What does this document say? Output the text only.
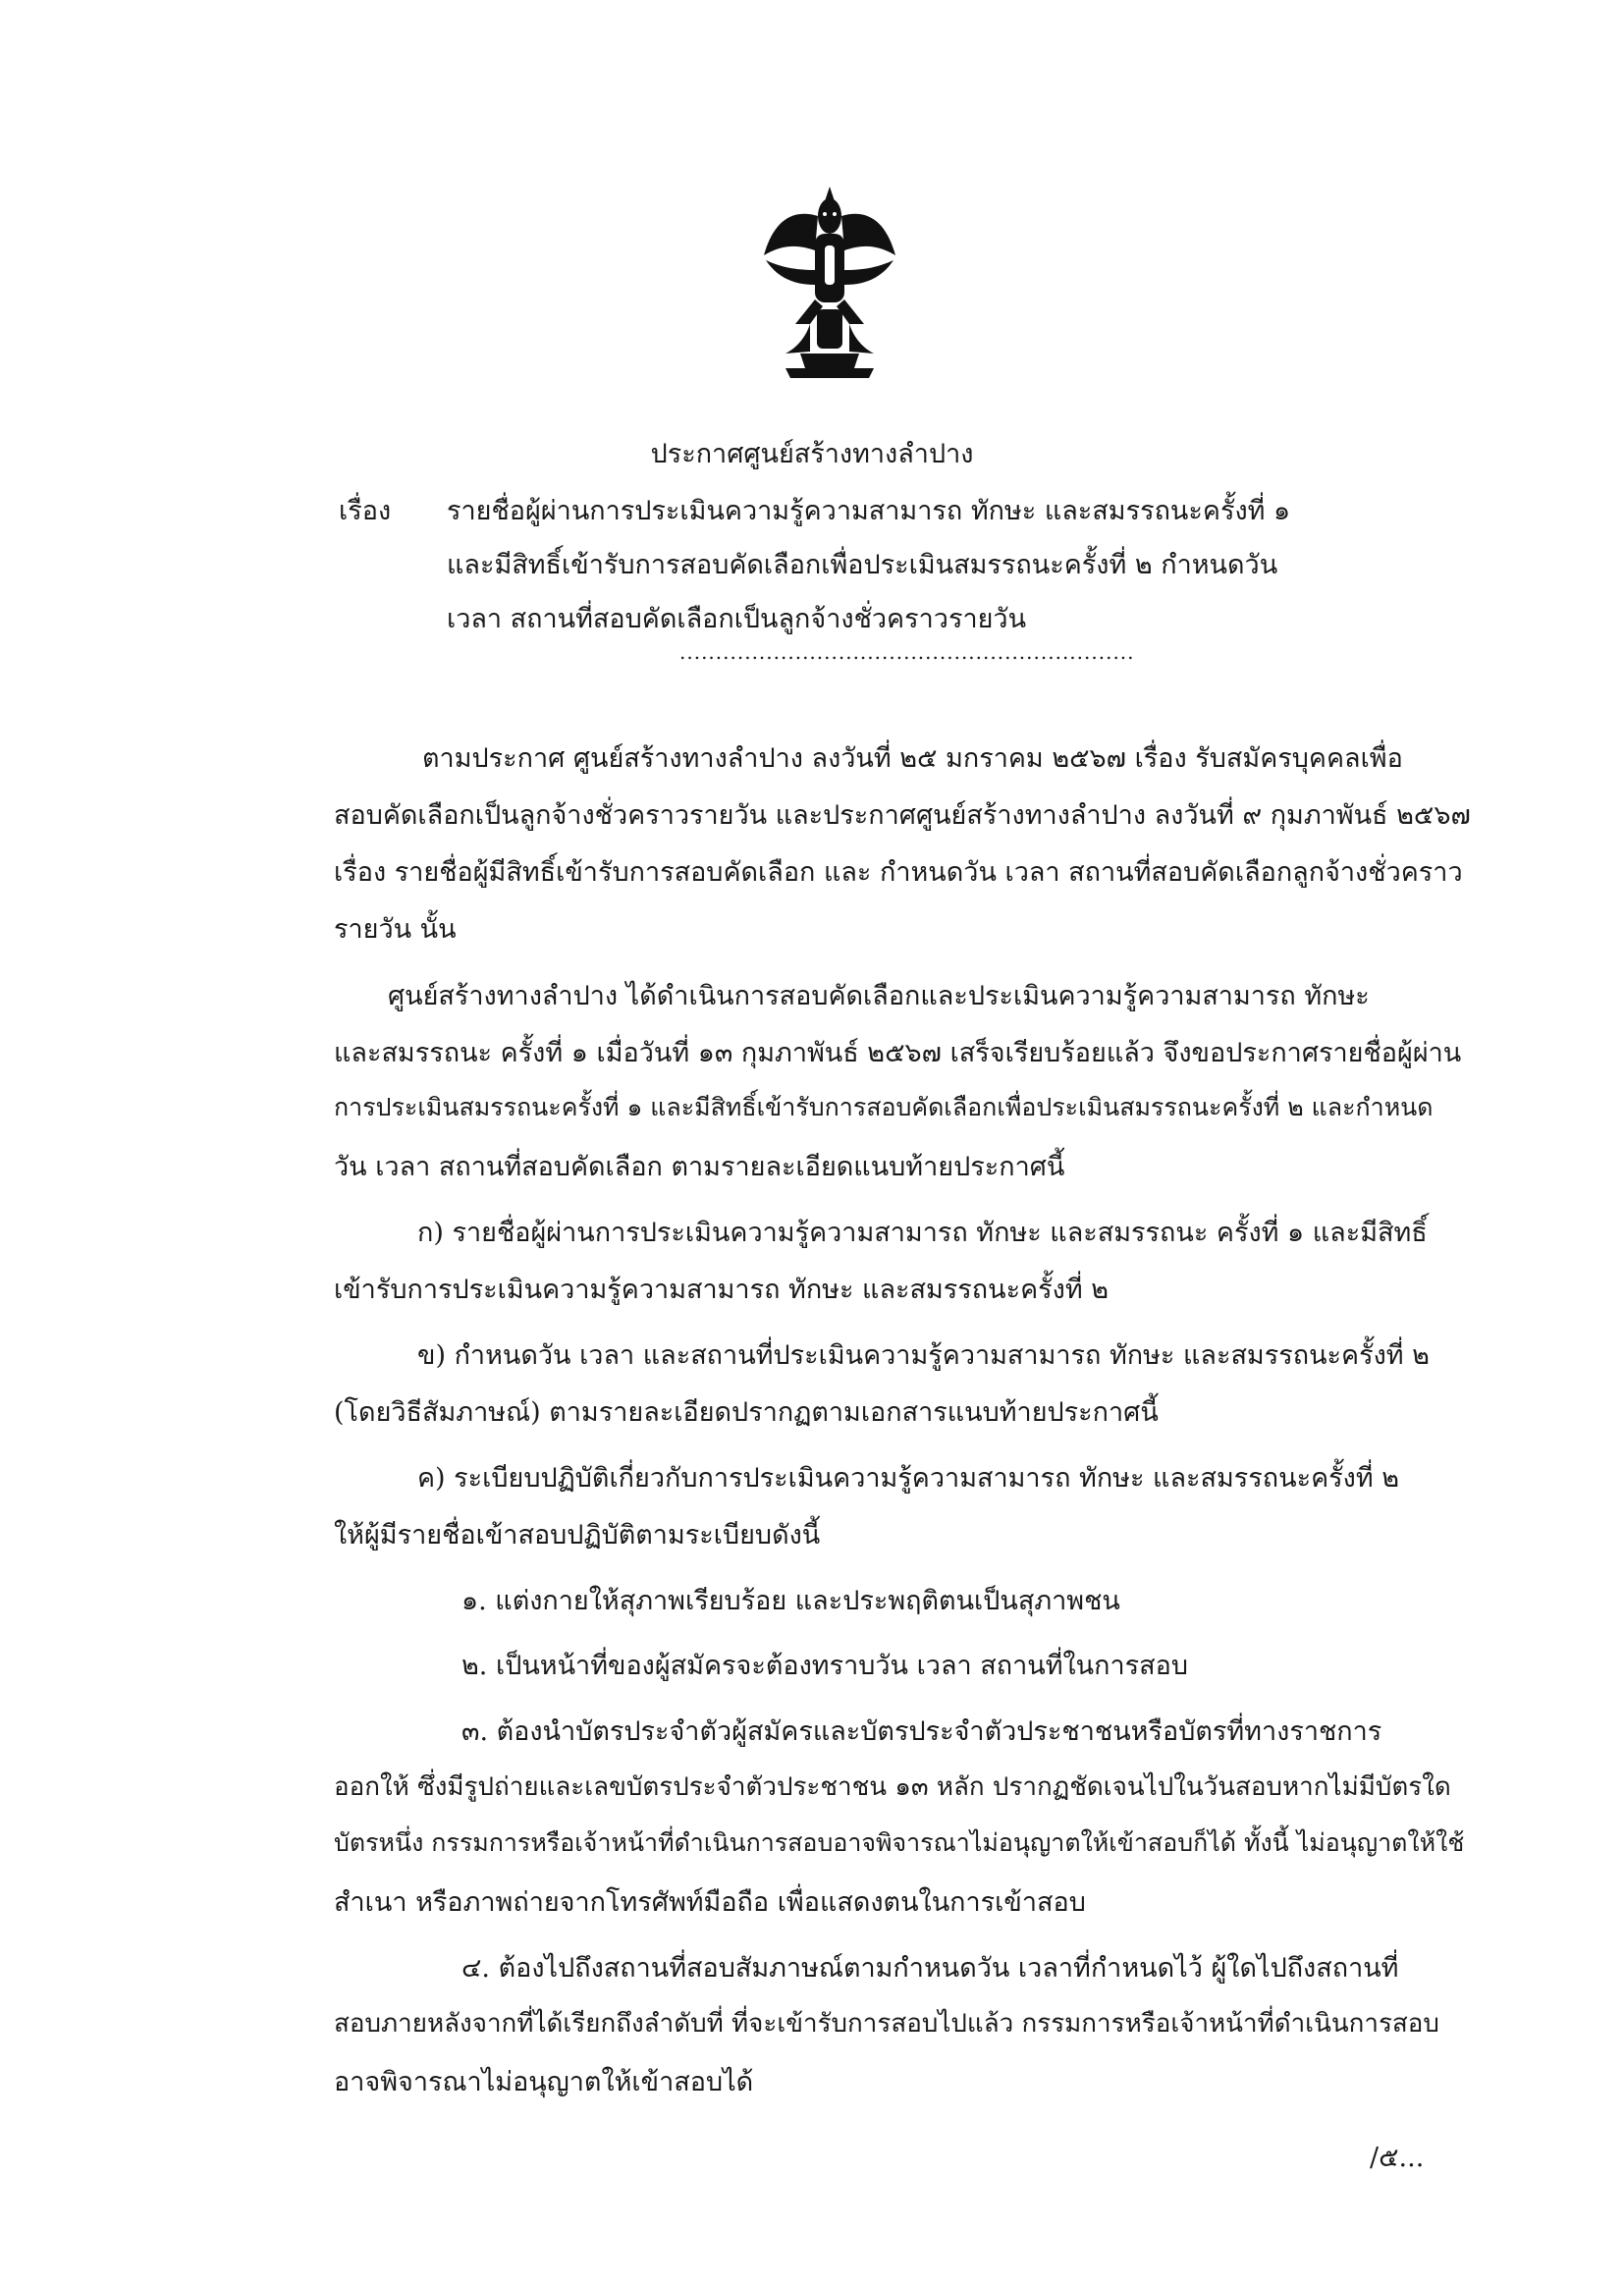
ประกาศศูนย์สร้างทางลำปาง
เรื่อง รายชื่อผู้ผ่านการประเมินความรู้ความสามารถ ทักษะ และสมรรถนะครั้งที่ ๑
และมีสิทธิ์เข้ารับการสอบคัดเลือกเพื่อประเมินสมรรถนะครั้งที่ ๒ กำหนดวัน
เวลา สถานที่สอบคัดเลือกเป็นลูกจ้างชั่วคราวรายวัน
...............................................................
ตามประกาศ ศูนย์สร้างทางลำปาง ลงวันที่ ๒๕ มกราคม ๒๕๖๗ เรื่อง รับสมัครบุคคลเพื่อ
สอบคัดเลือกเป็นลูกจ้างชั่วคราวรายวัน และประกาศศูนย์สร้างทางลำปาง ลงวันที่ ๙ กุมภาพันธ์ ๒๕๖๗
เรื่อง รายชื่อผู้มีสิทธิ์เข้ารับการสอบคัดเลือก และ กำหนดวัน เวลา สถานที่สอบคัดเลือกลูกจ้างชั่วคราว
รายวัน นั้น
ศูนย์สร้างทางลำปาง ได้ดำเนินการสอบคัดเลือกและประเมินความรู้ความสามารถ ทักษะ
และสมรรถนะ ครั้งที่ ๑ เมื่อวันที่ ๑๓ กุมภาพันธ์ ๒๕๖๗ เสร็จเรียบร้อยแล้ว จึงขอประกาศรายชื่อผู้ผ่าน
การประเมินสมรรถนะครั้งที่ ๑ และมีสิทธิ์เข้ารับการสอบคัดเลือกเพื่อประเมินสมรรถนะครั้งที่ ๒ และกำหนด
วัน เวลา สถานที่สอบคัดเลือก ตามรายละเอียดแนบท้ายประกาศนี้
ก) รายชื่อผู้ผ่านการประเมินความรู้ความสามารถ ทักษะ และสมรรถนะ ครั้งที่ ๑ และมีสิทธิ์
เข้ารับการประเมินความรู้ความสามารถ ทักษะ และสมรรถนะครั้งที่ ๒
ข) กำหนดวัน เวลา และสถานที่ประเมินความรู้ความสามารถ ทักษะ และสมรรถนะครั้งที่ ๒
(โดยวิธีสัมภาษณ์) ตามรายละเอียดปรากฏตามเอกสารแนบท้ายประกาศนี้
ค) ระเบียบปฏิบัติเกี่ยวกับการประเมินความรู้ความสามารถ ทักษะ และสมรรถนะครั้งที่ ๒
ให้ผู้มีรายชื่อเข้าสอบปฏิบัติตามระเบียบดังนี้
๑. แต่งกายให้สุภาพเรียบร้อย และประพฤติตนเป็นสุภาพชน
๒. เป็นหน้าที่ของผู้สมัครจะต้องทราบวัน เวลา สถานที่ในการสอบ
๓. ต้องนำบัตรประจำตัวผู้สมัครและบัตรประจำตัวประชาชนหรือบัตรที่ทางราชการ
ออกให้ ซึ่งมีรูปถ่ายและเลขบัตรประจำตัวประชาชน ๑๓ หลัก ปรากฏชัดเจนไปในวันสอบหากไม่มีบัตรใด
บัตรหนึ่ง กรรมการหรือเจ้าหน้าที่ดำเนินการสอบอาจพิจารณาไม่อนุญาตให้เข้าสอบก็ได้ ทั้งนี้ ไม่อนุญาตให้ใช้
สำเนา หรือภาพถ่ายจากโทรศัพท์มือถือ เพื่อแสดงตนในการเข้าสอบ
๔. ต้องไปถึงสถานที่สอบสัมภาษณ์ตามกำหนดวัน เวลาที่กำหนดไว้ ผู้ใดไปถึงสถานที่
สอบภายหลังจากที่ได้เรียกถึงลำดับที่ ที่จะเข้ารับการสอบไปแล้ว กรรมการหรือเจ้าหน้าที่ดำเนินการสอบ
อาจพิจารณาไม่อนุญาตให้เข้าสอบได้
/๕...
